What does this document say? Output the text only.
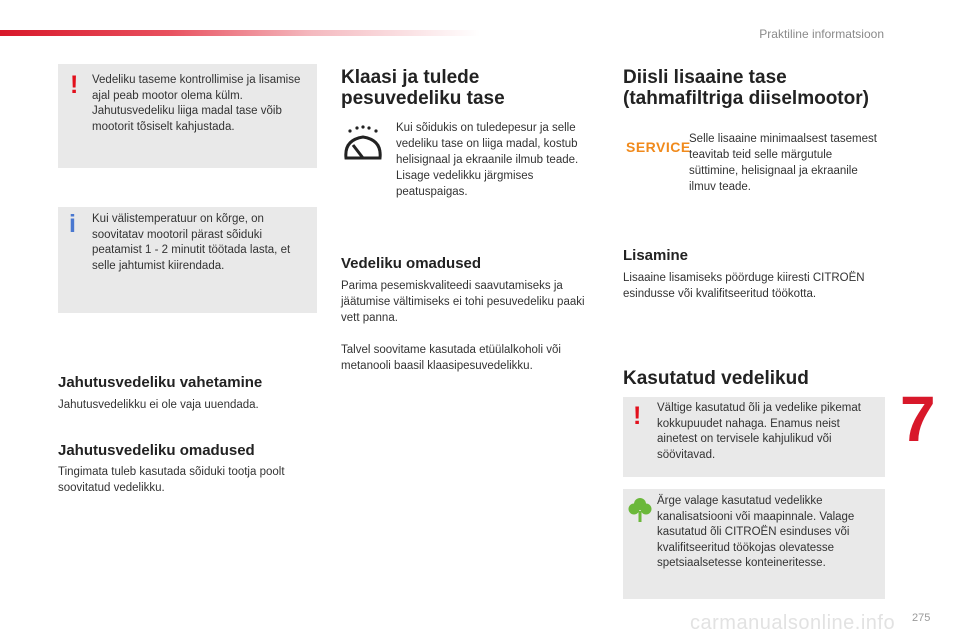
Praktiline informatsioon
7
carmanualsonline.info 275
! Vedeliku taseme kontrollimise ja lisamise ajal peab mootor olema külm. Jahutusvedeliku liiga madal tase võib mootorit tõsiselt kahjustada.

i Kui välistemperatuur on kõrge, on soovitatav mootoril pärast sõiduki peatamist 1 - 2 minutit töötada lasta, et selle jahtumist kiirendada.

Jahutusvedeliku vahetamine

Jahutusvedelikku ei ole vaja uuendada.

Jahutusvedeliku omadused

Tingimata tuleb kasutada sõiduki tootja poolt soovitatud vedelikku.

Klaasi ja tulede pesuvedeliku tase

Kui sõidukis on tuledepesur ja selle vedeliku tase on liiga madal, kostub helisignaal ja ekraanile ilmub teade. Lisage vedelikku järgmises peatuspaigas.

Vedeliku omadused

Parima pesemiskvaliteedi saavutamiseks ja jäätumise vältimiseks ei tohi pesuvedeliku paaki vett panna.

Talvel soovitame kasutada etüülalkoholi või metanooli baasil klaasipesuvedelikku.

Diisli lisaaine tase (tahmafiltriga diiselmootor)
SERVICE

Selle lisaaine minimaalsest tasemest teavitab teid selle märgutule süttimine, helisignaal ja ekraanile ilmuv teade.

Lisamine

Lisaaine lisamiseks pöörduge kiiresti CITROËN esindusse või kvalifitseeritud töökotta.

Kasutatud vedelikud
! Vältige kasutatud õli ja vedelike pikemat kokkupuudet nahaga. Enamus neist ainetest on tervisele kahjulikud või söövitavad.

Ärge valage kasutatud vedelikke kanalisatsiooni või maapinnale. Valage kasutatud õli CITROËN esinduses või kvalifitseeritud töökojas olevatesse spetsiaalsetesse konteineritesse.
